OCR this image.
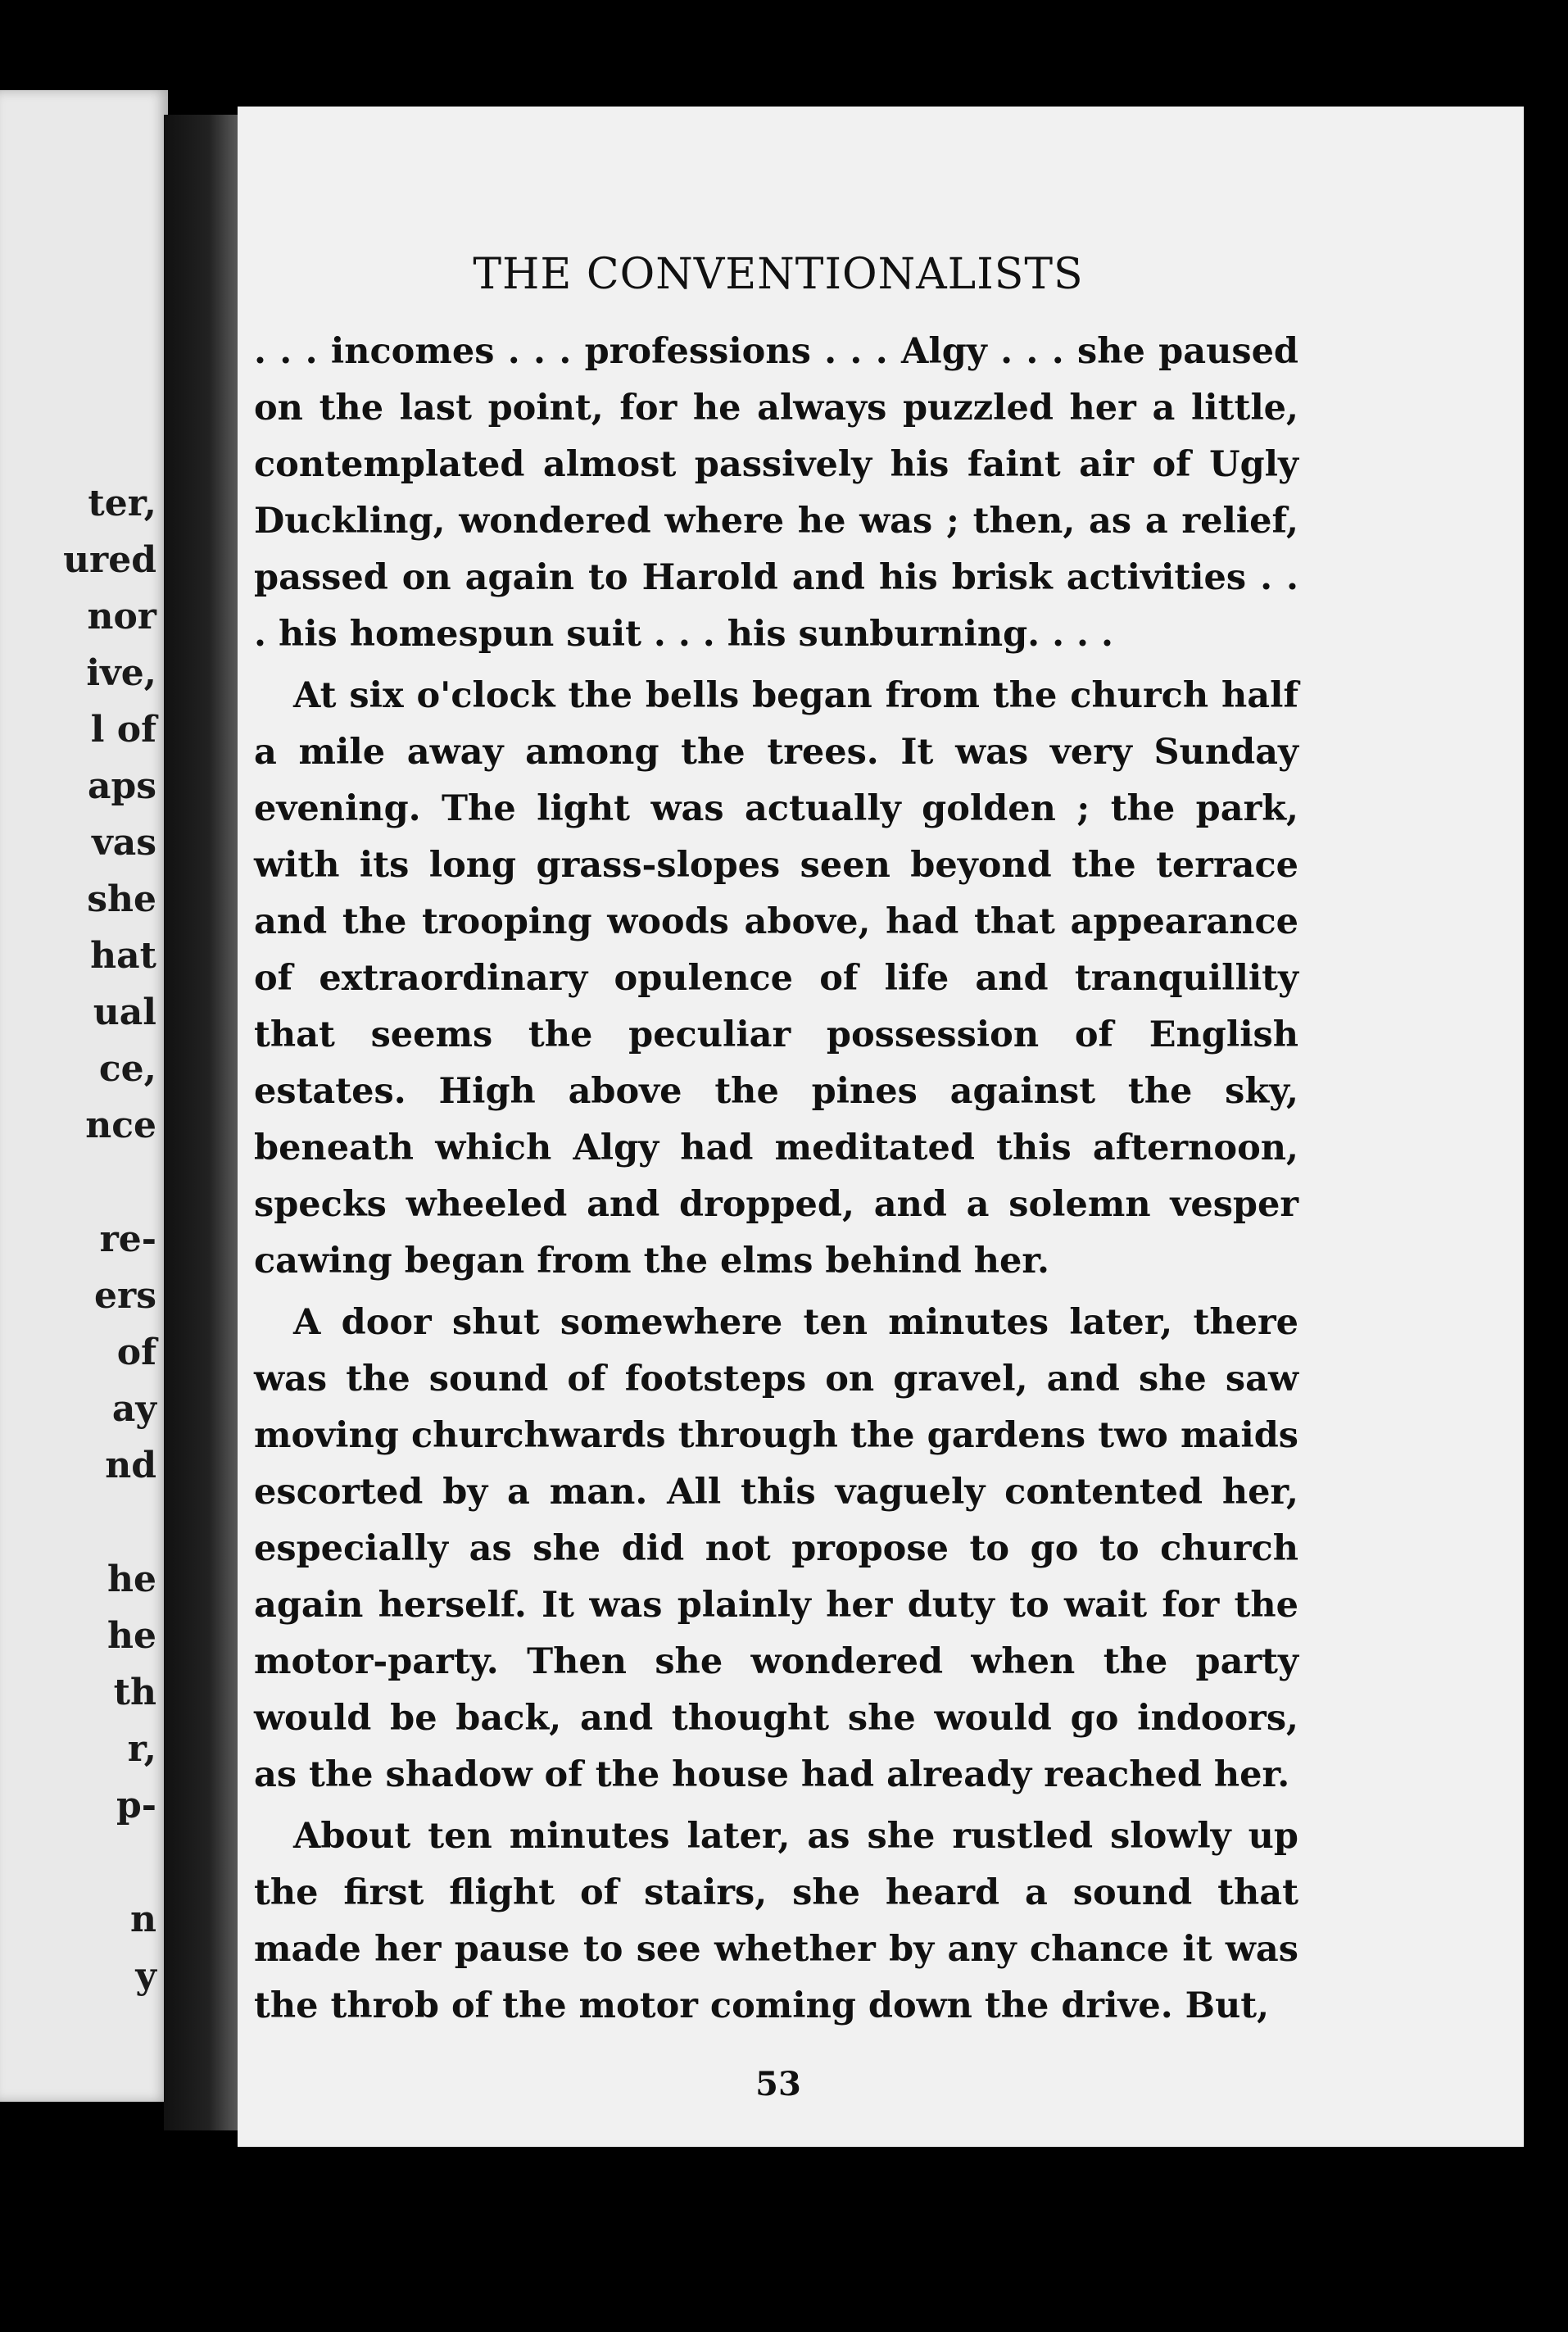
ter,
ured
nor
ive,
l of
aps
vas
she
hat
ual
ce,
nce
re-
ers
of
ay
nd
he
he
th
r,
p-
n
y
THE CONVENTIONALISTS

. . . incomes . . . professions . . . Algy . . . she paused on the last point, for he always puzzled her a little, contemplated almost passively his faint air of Ugly Duckling, wondered where he was ; then, as a relief, passed on again to Harold and his brisk activities . . . his homespun suit . . . his sunburning. . . .

At six o'clock the bells began from the church half a mile away among the trees. It was very Sunday evening. The light was actually golden ; the park, with its long grass-slopes seen beyond the terrace and the trooping woods above, had that appearance of extraordinary opulence of life and tranquillity that seems the peculiar possession of English estates. High above the pines against the sky, beneath which Algy had meditated this afternoon, specks wheeled and dropped, and a solemn vesper cawing began from the elms behind her.

A door shut somewhere ten minutes later, there was the sound of footsteps on gravel, and she saw moving churchwards through the gardens two maids escorted by a man. All this vaguely contented her, especially as she did not propose to go to church again herself. It was plainly her duty to wait for the motor-party. Then she wondered when the party would be back, and thought she would go indoors, as the shadow of the house had already reached her.

About ten minutes later, as she rustled slowly up the first flight of stairs, she heard a sound that made her pause to see whether by any chance it was the throb of the motor coming down the drive. But,

53
